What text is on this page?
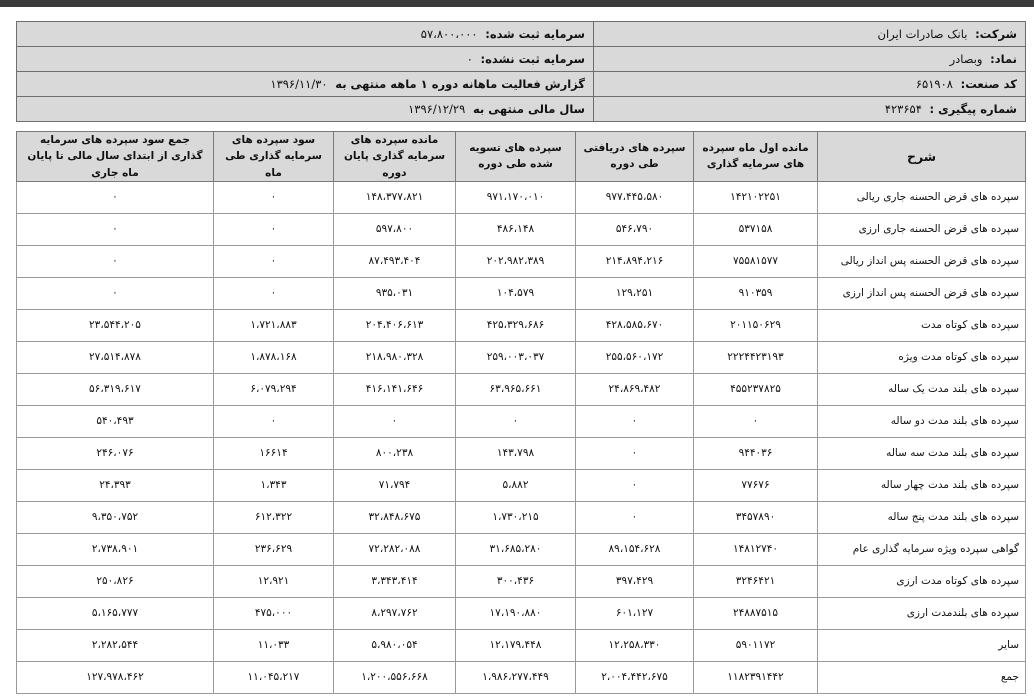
شرکت: بانک صادرات ایران	سرمایه ثبت شده: ۵۷،۸۰۰،۰۰۰
نماد: وبصادر	سرمایه ثبت نشده: ۰
کد صنعت: ۶۵۱۹۰۸	گزارش فعالیت ماهانه دوره ۱ ماهه منتهی به ۱۳۹۶/۱۱/۳۰
شماره پیگیری : ۴۲۳۶۵۴	سال مالی منتهی به ۱۳۹۶/۱۲/۲۹
شرح	مانده اول ماه سپرده های سرمایه گذاری	سپرده های دریافتی طی دوره	سپرده های تسویه شده طی دوره	مانده سپرده های سرمایه گذاری پایان دوره	سود سپرده های سرمایه گذاری طی ماه	جمع سود سپرده های سرمایه گذاری از ابتدای سال مالی تا پایان ماه جاری
سپرده های قرض الحسنه جاری ریالی	۱۴۲۱۰۲۲۵۱	۹۷۷،۴۴۵،۵۸۰	۹۷۱،۱۷۰،۰۱۰	۱۴۸،۳۷۷،۸۲۱	۰	۰
سپرده های قرض الحسنه جاری ارزی	۵۳۷۱۵۸	۵۴۶،۷۹۰	۴۸۶،۱۴۸	۵۹۷،۸۰۰	۰	۰
سپرده های قرض الحسنه پس انداز ریالی	۷۵۵۸۱۵۷۷	۲۱۴،۸۹۴،۲۱۶	۲۰۲،۹۸۲،۳۸۹	۸۷،۴۹۳،۴۰۴	۰	۰
سپرده های قرض الحسنه پس انداز ارزی	۹۱۰۳۵۹	۱۲۹،۲۵۱	۱۰۴،۵۷۹	۹۳۵،۰۳۱	۰	۰
سپرده های کوتاه مدت	۲۰۱۱۵۰۶۲۹	۴۲۸،۵۸۵،۶۷۰	۴۲۵،۳۲۹،۶۸۶	۲۰۴،۴۰۶،۶۱۳	۱،۷۲۱،۸۸۳	۲۳،۵۴۴،۲۰۵
سپرده های کوتاه مدت ویژه	۲۲۲۴۴۲۳۱۹۳	۲۵۵،۵۶۰،۱۷۲	۲۵۹،۰۰۳،۰۳۷	۲۱۸،۹۸۰،۳۲۸	۱،۸۷۸،۱۶۸	۲۷،۵۱۴،۸۷۸
سپرده های بلند مدت یک ساله	۴۵۵۲۳۷۸۲۵	۲۴،۸۶۹،۴۸۲	۶۳،۹۶۵،۶۶۱	۴۱۶،۱۴۱،۶۴۶	۶،۰۷۹،۲۹۴	۵۶،۳۱۹،۶۱۷
سپرده های بلند مدت دو ساله	۰	۰	۰	۰	۰	۵۴۰،۴۹۳
سپرده های بلند مدت سه ساله	۹۴۴۰۳۶	۰	۱۴۳،۷۹۸	۸۰۰،۲۳۸	۱۶۶۱۴	۲۴۶،۰۷۶
سپرده های بلند مدت چهار ساله	۷۷۶۷۶	۰	۵،۸۸۲	۷۱،۷۹۴	۱،۳۴۳	۲۴،۳۹۳
سپرده های بلند مدت پنج ساله	۳۴۵۷۸۹۰	۰	۱،۷۳۰،۲۱۵	۳۲،۸۴۸،۶۷۵	۶۱۲،۳۲۲	۹،۳۵۰،۷۵۲
گواهی سپرده ویژه سرمایه گذاری عام	۱۴۸۱۲۷۴۰	۸۹،۱۵۴،۶۲۸	۳۱،۶۸۵،۲۸۰	۷۲،۲۸۲،۰۸۸	۲۳۶،۶۲۹	۲،۷۳۸،۹۰۱
سپرده های کوتاه مدت ارزی	۳۲۴۶۴۲۱	۳۹۷،۴۲۹	۳۰۰،۴۳۶	۳،۳۴۳،۴۱۴	۱۲،۹۲۱	۲۵۰،۸۲۶
سپرده های بلندمدت ارزی	۲۴۸۸۷۵۱۵	۶۰۱،۱۲۷	۱۷،۱۹۰،۸۸۰	۸،۲۹۷،۷۶۲	۴۷۵،۰۰۰	۵،۱۶۵،۷۷۷
سایر	۵۹۰۱۱۷۲	۱۲،۲۵۸،۳۳۰	۱۲،۱۷۹،۴۴۸	۵،۹۸۰،۰۵۴	۱۱،۰۳۳	۲،۲۸۲،۵۴۴
جمع	۱۱۸۲۳۹۱۴۴۲	۲،۰۰۴،۴۴۲،۶۷۵	۱،۹۸۶،۲۷۷،۴۴۹	۱،۲۰۰،۵۵۶،۶۶۸	۱۱،۰۴۵،۲۱۷	۱۲۷،۹۷۸،۴۶۲
